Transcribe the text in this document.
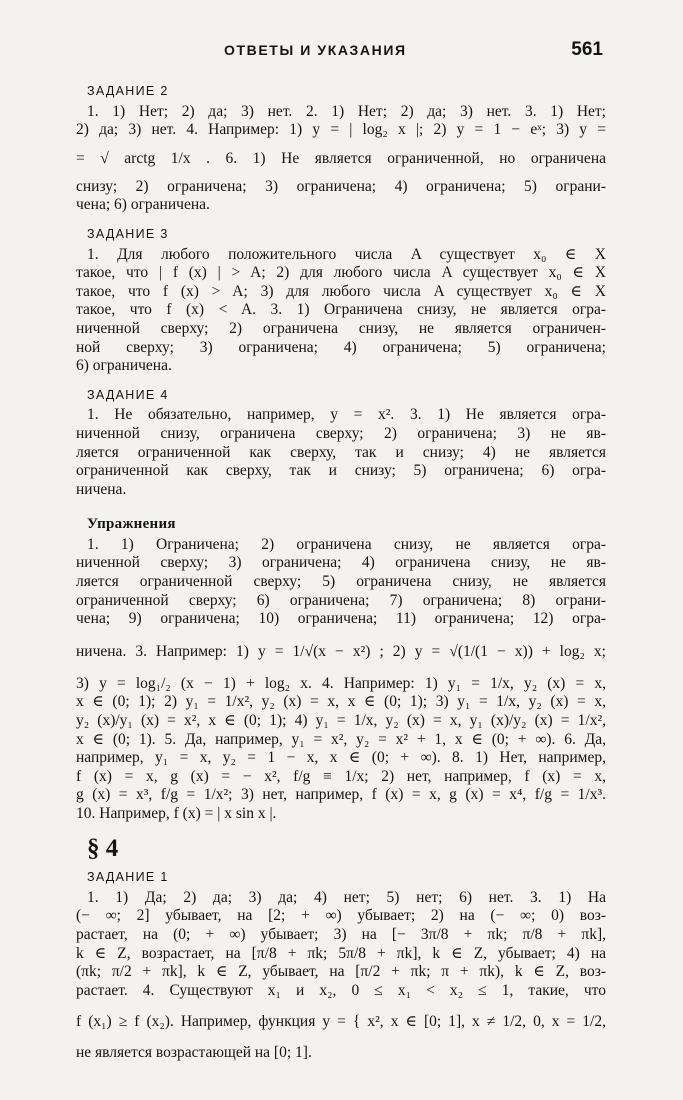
ОТВЕТЫ И УКАЗАНИЯ	561
ЗАДАНИЕ 2
1. 1) Нет; 2) да; 3) нет. 2. 1) Нет; 2) да; 3) нет. 3. 1) Нет;
2) да; 3) нет. 4. Например: 1) y = | log₂ x |; 2) y = 1 − eˣ; 3) y =
= √ arctg 1/x . 6. 1) Не является ограниченной, но ограничена
снизу; 2) ограничена; 3) ограничена; 4) ограничена; 5) ограни-
чена; 6) ограничена.
ЗАДАНИЕ 3
1. Для любого положительного числа A существует x₀ ∈ X
такое, что | f (x) | > A; 2) для любого числа A существует x₀ ∈ X
такое, что f (x) > A; 3) для любого числа A существует x₀ ∈ X
такое, что f (x) < A. 3. 1) Ограничена снизу, не является огра-
ниченной сверху; 2) ограничена снизу, не является ограничен-
ной сверху; 3) ограничена; 4) ограничена; 5) ограничена;
6) ограничена.
ЗАДАНИЕ 4
1. Не обязательно, например, y = x². 3. 1) Не является огра-
ниченной снизу, ограничена сверху; 2) ограничена; 3) не яв-
ляется ограниченной как сверху, так и снизу; 4) не является
ограниченной как сверху, так и снизу; 5) ограничена; 6) огра-
ничена.
Упражнения
1. 1) Ограничена; 2) ограничена снизу, не является огра-
ниченной сверху; 3) ограничена; 4) ограничена снизу, не яв-
ляется ограниченной сверху; 5) ограничена снизу, не является
ограниченной сверху; 6) ограничена; 7) ограничена; 8) ограни-
чена; 9) ограничена; 10) ограничена; 11) ограничена; 12) огра-
ничена. 3. Например: 1) y = 1/√(x − x²) ; 2) y = √(1/(1 − x)) + log₂ x;
3) y = log₁/₂ (x − 1) + log₂ x. 4. Например: 1) y₁ = 1/x, y₂ (x) = x,
x ∈ (0; 1); 2) y₁ = 1/x², y₂ (x) = x, x ∈ (0; 1); 3) y₁ = 1/x, y₂ (x) = x,
y₂ (x)/y₁ (x) = x², x ∈ (0; 1); 4) y₁ = 1/x, y₂ (x) = x, y₁ (x)/y₂ (x) = 1/x²,
x ∈ (0; 1). 5. Да, например, y₁ = x², y₂ = x² + 1, x ∈ (0; + ∞). 6. Да,
например, y₁ = x, y₂ = 1 − x, x ∈ (0; + ∞). 8. 1) Нет, например,
f (x) = x, g (x) = − x², f/g ≡ 1/x; 2) нет, например, f (x) = x,
g (x) = x³, f/g = 1/x²; 3) нет, например, f (x) = x, g (x) = x⁴, f/g = 1/x³.
10. Например, f (x) = | x sin x |.
§ 4
ЗАДАНИЕ 1
1. 1) Да; 2) да; 3) да; 4) нет; 5) нет; 6) нет. 3. 1) На
(− ∞; 2] убывает, на [2; + ∞) убывает; 2) на (− ∞; 0) воз-
растает, на (0; + ∞) убывает; 3) на [− 3π/8 + πk; π/8 + πk],
k ∈ Z, возрастает, на [π/8 + πk; 5π/8 + πk], k ∈ Z, убывает; 4) на
(πk; π/2 + πk], k ∈ Z, убывает, на [π/2 + πk; π + πk), k ∈ Z, воз-
растает. 4. Существуют x₁ и x₂, 0 ≤ x₁ < x₂ ≤ 1, такие, что
f (x₁) ≥ f (x₂). Например, функция y = { x², x ∈ [0; 1], x ≠ 1/2, 0, x = 1/2,
не является возрастающей на [0; 1].
